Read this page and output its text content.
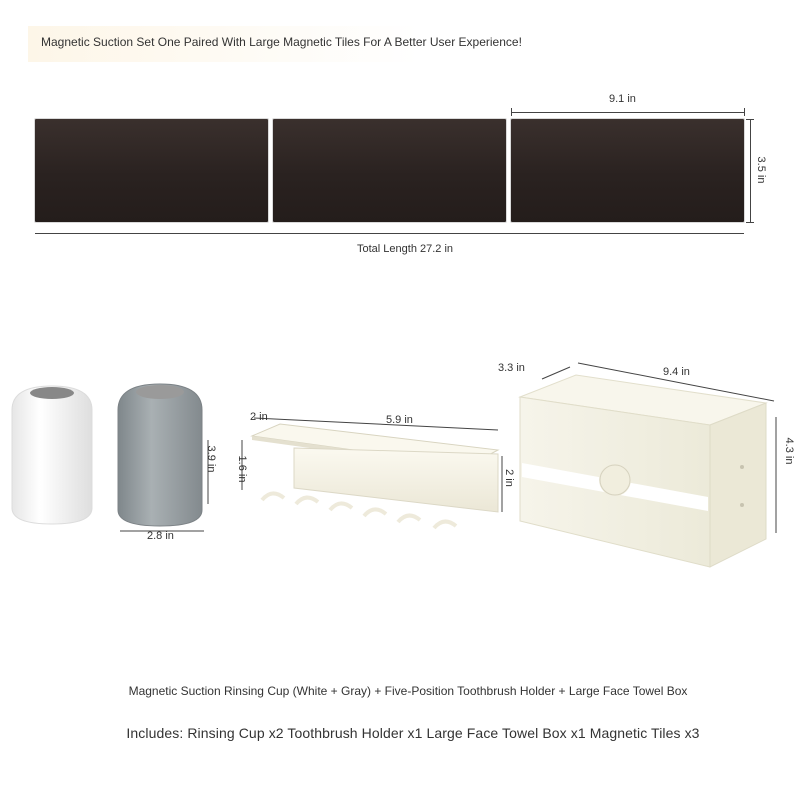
Magnetic Suction Set One Paired With Large Magnetic Tiles For A Better User Experience!
9.1 in
3.5 in
Total Length 27.2 in
3.9 in
2.8 in
2 in	5.9 in
1.6 in	2 in
3.3 in	9.4 in
4.3 in
Magnetic Suction Rinsing Cup (White + Gray) + Five-Position Toothbrush Holder + Large Face Towel Box
Includes: Rinsing Cup x2 Toothbrush Holder x1 Large Face Towel Box x1 Magnetic Tiles x3
